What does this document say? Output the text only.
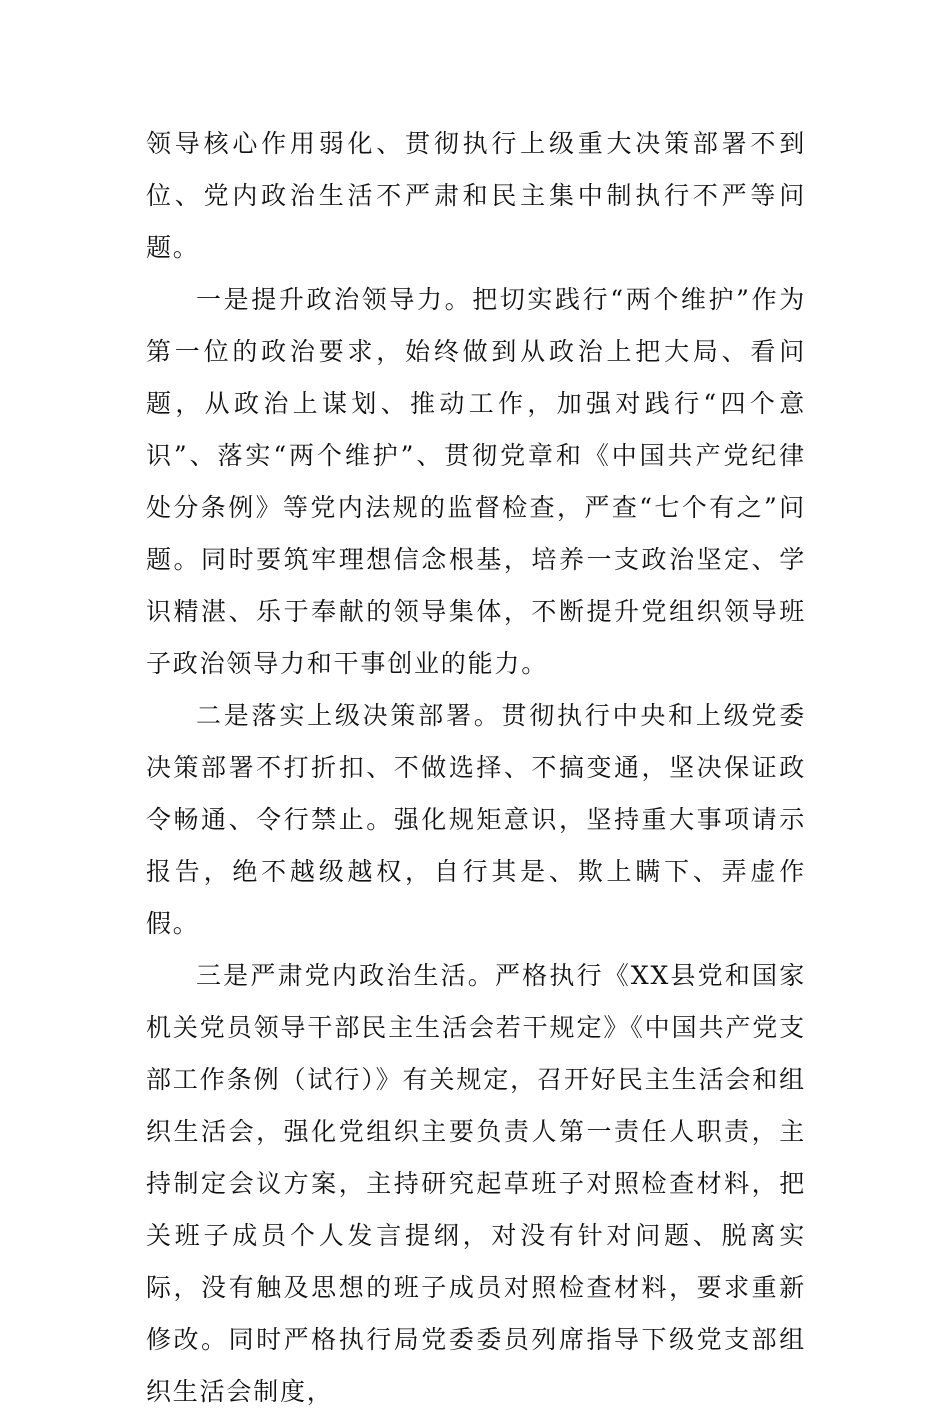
领导核心作用弱化、贯彻执行上级重大决策部署不到位、党内政治生活不严肃和民主集中制执行不严等问题。

一是提升政治领导力。把切实践行“两个维护”作为第一位的政治要求，始终做到从政治上把大局、看问题，从政治上谋划、推动工作，加强对践行“四个意识”、落实“两个维护”、贯彻党章和《中国共产党纪律处分条例》等党内法规的监督检查，严查“七个有之”问题。同时要筑牢理想信念根基，培养一支政治坚定、学识精湛、乐于奉献的领导集体，不断提升党组织领导班子政治领导力和干事创业的能力。

二是落实上级决策部署。贯彻执行中央和上级党委决策部署不打折扣、不做选择、不搞变通，坚决保证政令畅通、令行禁止。强化规矩意识，坚持重大事项请示报告，绝不越级越权，自行其是、欺上瞒下、弄虚作假。

三是严肃党内政治生活。严格执行《XX县党和国家机关党员领导干部民主生活会若干规定》《中国共产党支部工作条例（试行）》有关规定，召开好民主生活会和组织生活会，强化党组织主要负责人第一责任人职责，主持制定会议方案，主持研究起草班子对照检查材料，把关班子成员个人发言提纲，对没有针对问题、脱离实际，没有触及思想的班子成员对照检查材料，要求重新修改。同时严格执行局党委委员列席指导下级党支部组织生活会制度，
